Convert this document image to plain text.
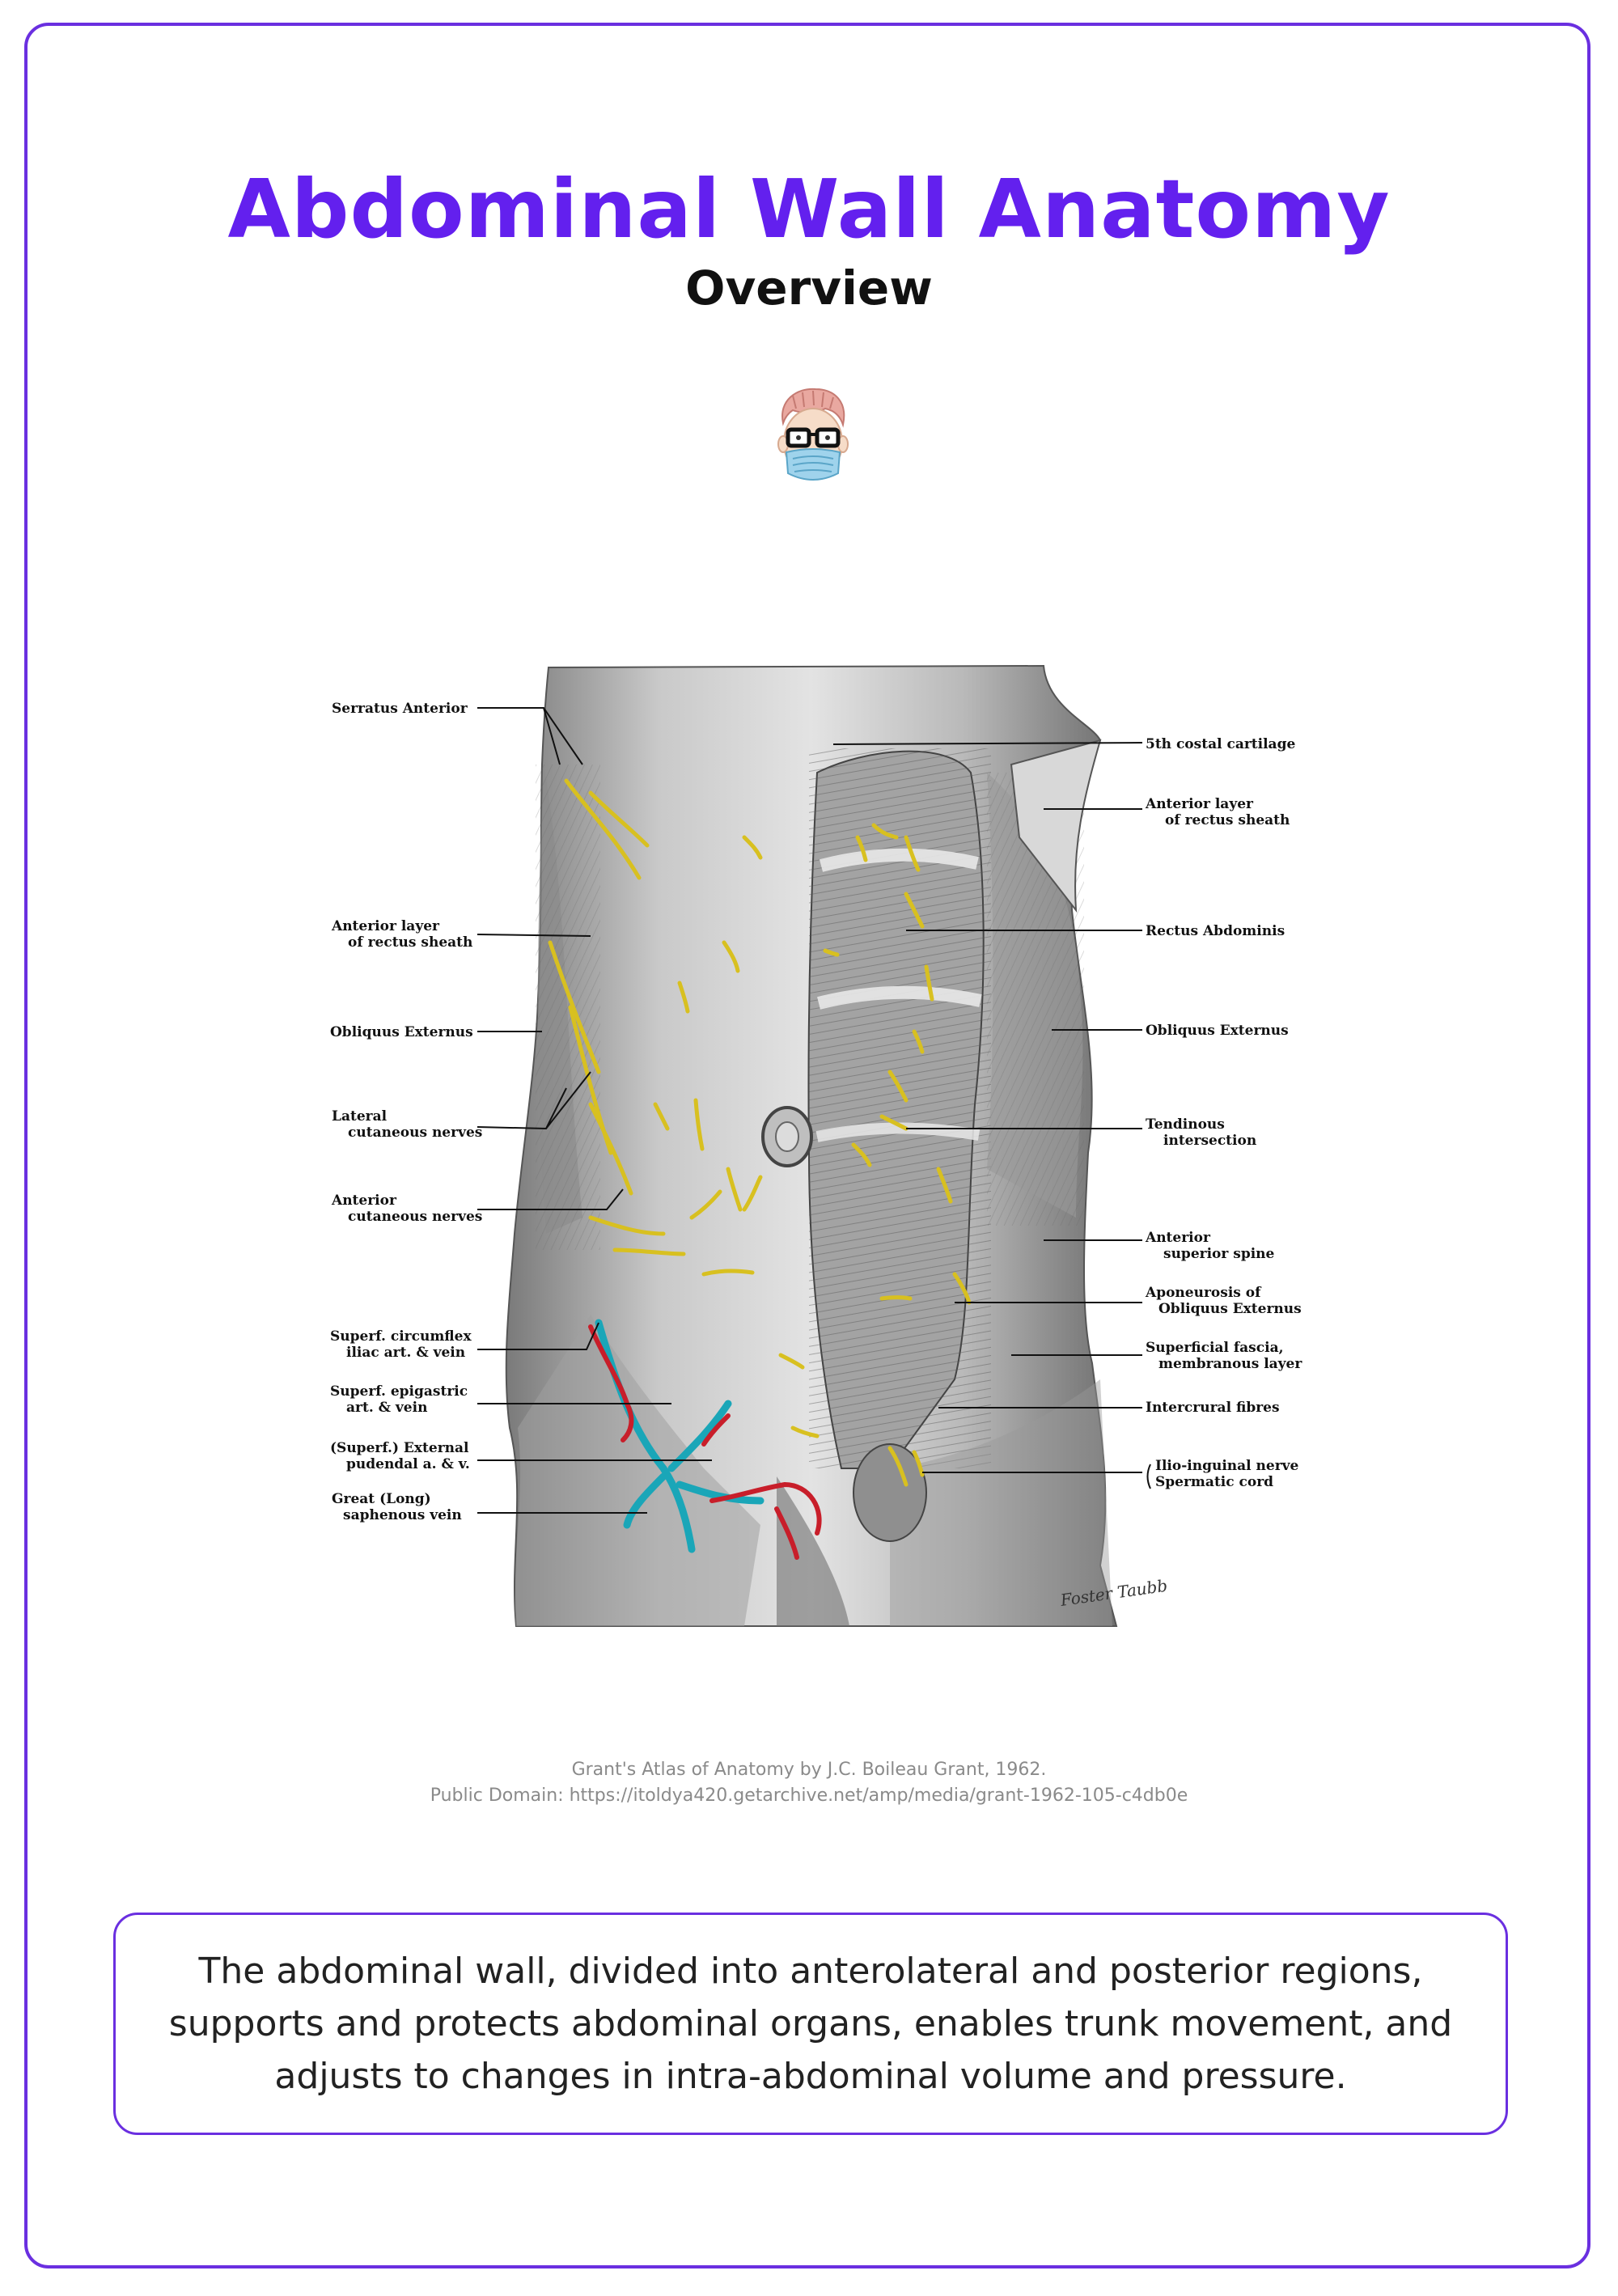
Abdominal Wall Anatomy
Overview
Foster Taubb
Serratus Anterior
Anterior layer
of rectus sheath
Obliquus Externus
Lateral
cutaneous nerves
Anterior
cutaneous nerves
Superf. circumflex
iliac art. & vein
Superf. epigastric
art. & vein
(Superf.) External
pudendal a. & v.
Great (Long)
saphenous vein
5th costal cartilage
Anterior layer
of rectus sheath
Rectus Abdominis
Obliquus Externus
Tendinous
intersection
Anterior
superior spine
Aponeurosis of
Obliquus Externus
Superficial fascia,
membranous layer
Intercrural fibres
Ilio-inguinal nerve
Spermatic cord
Grant's Atlas of Anatomy by J.C. Boileau Grant, 1962.
Public Domain: https://itoldya420.getarchive.net/amp/media/grant-1962-105-c4db0e
The abdominal wall, divided into anterolateral and posterior regions, supports and protects abdominal organs, enables trunk movement, and adjusts to changes in intra-abdominal volume and pressure.
